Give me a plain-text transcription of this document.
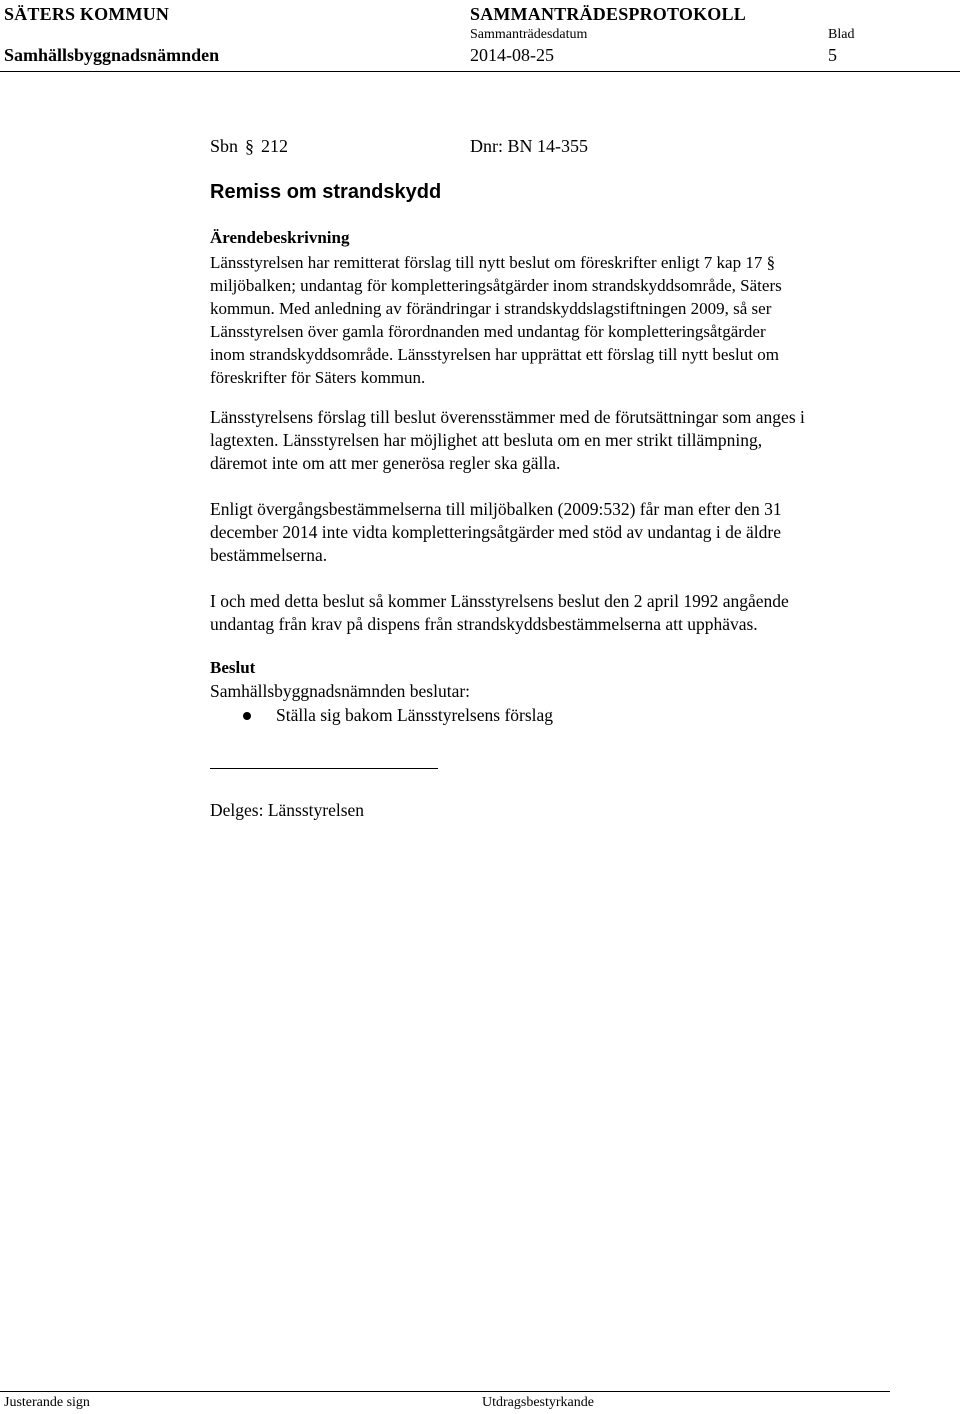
SÄTERS KOMMUN	SAMMANTRÄDESPROTOKOLL
Sammanträdesdatum	Blad
Samhällsbyggnadsnämnden	2014-08-25	5
Sbn § 212	Dnr: BN 14-355
Remiss om strandskydd
Ärendebeskrivning
Länsstyrelsen har remitterat förslag till nytt beslut om föreskrifter enligt 7 kap 17 §
miljöbalken; undantag för kompletteringsåtgärder inom strandskyddsområde, Säters
kommun. Med anledning av förändringar i strandskyddslagstiftningen 2009, så ser
Länsstyrelsen över gamla förordnanden med undantag för kompletteringsåtgärder
inom strandskyddsområde. Länsstyrelsen har upprättat ett förslag till nytt beslut om
föreskrifter för Säters kommun.
Länsstyrelsens förslag till beslut överensstämmer med de förutsättningar som anges i
lagtexten. Länsstyrelsen har möjlighet att besluta om en mer strikt tillämpning,
däremot inte om att mer generösa regler ska gälla.
Enligt övergångsbestämmelserna till miljöbalken (2009:532) får man efter den 31
december 2014 inte vidta kompletteringsåtgärder med stöd av undantag i de äldre
bestämmelserna.
I och med detta beslut så kommer Länsstyrelsens beslut den 2 april 1992 angående
undantag från krav på dispens från strandskyddsbestämmelserna att upphävas.
Beslut
Samhällsbyggnadsnämnden beslutar:
Ställa sig bakom Länsstyrelsens förslag
Delges: Länsstyrelsen
Justerande sign	Utdragsbestyrkande
